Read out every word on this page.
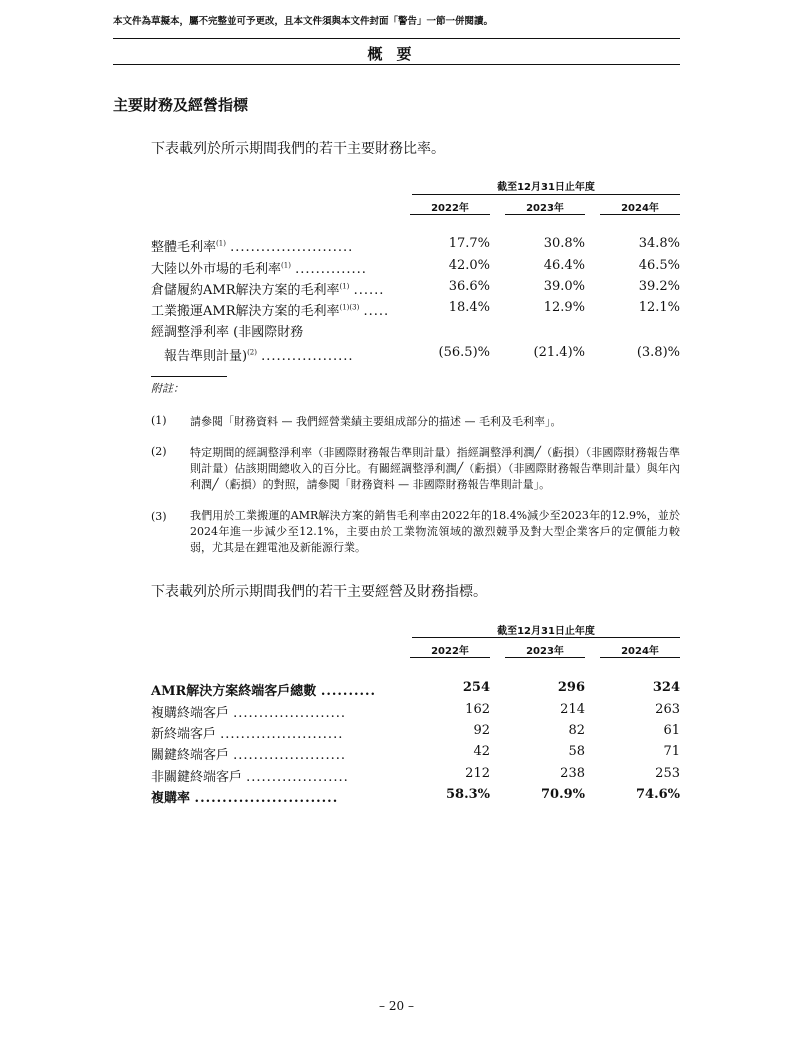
本文件為草擬本，屬不完整並可予更改，且本文件須與本文件封面「警告」一節一併閱讀。
概要
主要財務及經營指標
下表載列於所示期間我們的若干主要財務比率。
截至12月31日止年度
2022年	2023年	2024年
整體毛利率$^{(1)}$ ........................	17.7%	30.8%	34.8%
大陸以外市場的毛利率$^{(1)}$ ..............	42.0%	46.4%	46.5%
倉儲履約AMR解決方案的毛利率$^{(1)}$ ......	36.6%	39.0%	39.2%
工業搬運AMR解決方案的毛利率$^{(1)(3)}$ .....	18.4%	12.9%	12.1%
經調整淨利率 (非國際財務
報告準則計量)$^{(2)}$ ..................	(56.5)%	(21.4)%	(3.8)%
附註：
(1) 請參閱「財務資料 — 我們經營業績主要組成部分的描述 — 毛利及毛利率」。
(2) 特定期間的經調整淨利率（非國際財務報告準則計量）指經調整淨利潤╱（虧損）（非國際財務報告準則計量）佔該期間總收入的百分比。有關經調整淨利潤╱（虧損）（非國際財務報告準則計量）與年內利潤╱（虧損）的對照，請參閱「財務資料 — 非國際財務報告準則計量」。
(3) 我們用於工業搬運的AMR解決方案的銷售毛利率由2022年的18.4%減少至2023年的12.9%，並於2024年進一步減少至12.1%，主要由於工業物流領域的激烈競爭及對大型企業客戶的定價能力較弱，尤其是在鋰電池及新能源行業。
下表載列於所示期間我們的若干主要經營及財務指標。
截至12月31日止年度
2022年	2023年	2024年
AMR解決方案終端客戶總數 ..........	254	296	324
複購終端客戶 ......................	162	214	263
新終端客戶 ........................	92	82	61
關鍵終端客戶 ......................	42	58	71
非關鍵終端客戶 ....................	212	238	253
複購率 ..........................	58.3%	70.9%	74.6%
– 20 –
